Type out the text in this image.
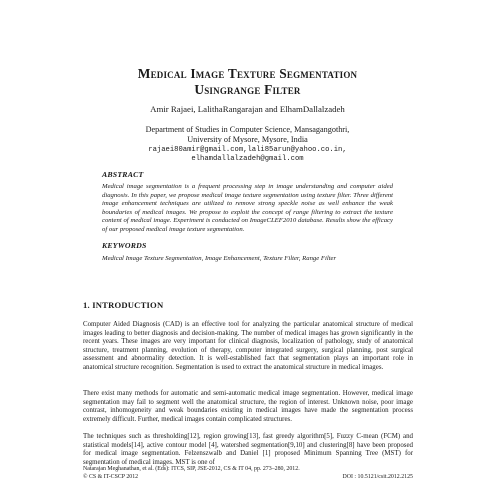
Medical Image Texture Segmentation
Usingrange Filter
Amir Rajaei, LalithaRangarajan and ElhamDallalzadeh
Department of Studies in Computer Science, Mansagangothri,
University of Mysore, Mysore, India
rajaei80amir@gmail.com,lali85arun@yahoo.co.in,
elhamdallalzadeh@gmail.com
ABSTRACT
Medical image segmentation is a frequent processing step in image understanding and computer aided diagnosis. In this paper, we propose medical image texture segmentation using texture filter. Three different image enhancement techniques are utilized to remove strong speckle noise as well enhance the weak boundaries of medical images. We propose to exploit the concept of range filtering to extract the texture content of medical image. Experiment is conducted on ImageCLEF2010 database. Results show the efficacy of our proposed medical image texture segmentation.
KEYWORDS
Medical Image Texture Segmentation, Image Enhancement, Texture Filter, Range Filter
1. INTRODUCTION
Computer Aided Diagnosis (CAD) is an effective tool for analyzing the particular anatomical structure of medical images leading to better diagnosis and decision-making. The number of medical images has grown significantly in the recent years. These images are very important for clinical diagnosis, localization of pathology, study of anatomical structure, treatment planning, evolution of therapy, computer integrated surgery, surgical planning, post surgical assessment and abnormality detection. It is well-established fact that segmentation plays an important role in anatomical structure recognition. Segmentation is used to extract the anatomical structure in medical images.
There exist many methods for automatic and semi-automatic medical image segmentation. However, medical image segmentation may fail to segment well the anatomical structure, the region of interest. Unknown noise, poor image contrast, inhomogeneity and weak boundaries existing in medical images have made the segmentation process extremely difficult. Further, medical images contain complicated structures.
The techniques such as thresholding[12], region growing[13], fast greedy algorithm[5], Fuzzy C-mean (FCM) and statistical models[14], active contour model [4], watershed segmentation[9,10] and clustering[8] have been proposed for medical image segmentation. Felzenszwalb and Daniel [1] proposed Minimum Spanning Tree (MST) for segmentation of medical images. MST is one of
Natarajan Meghanathan, et al. (Eds): ITCS, SIP, JSE-2012, CS & IT 04, pp. 273–280, 2012.
© CS & IT-CSCP 2012	DOI : 10.5121/csit.2012.2125
